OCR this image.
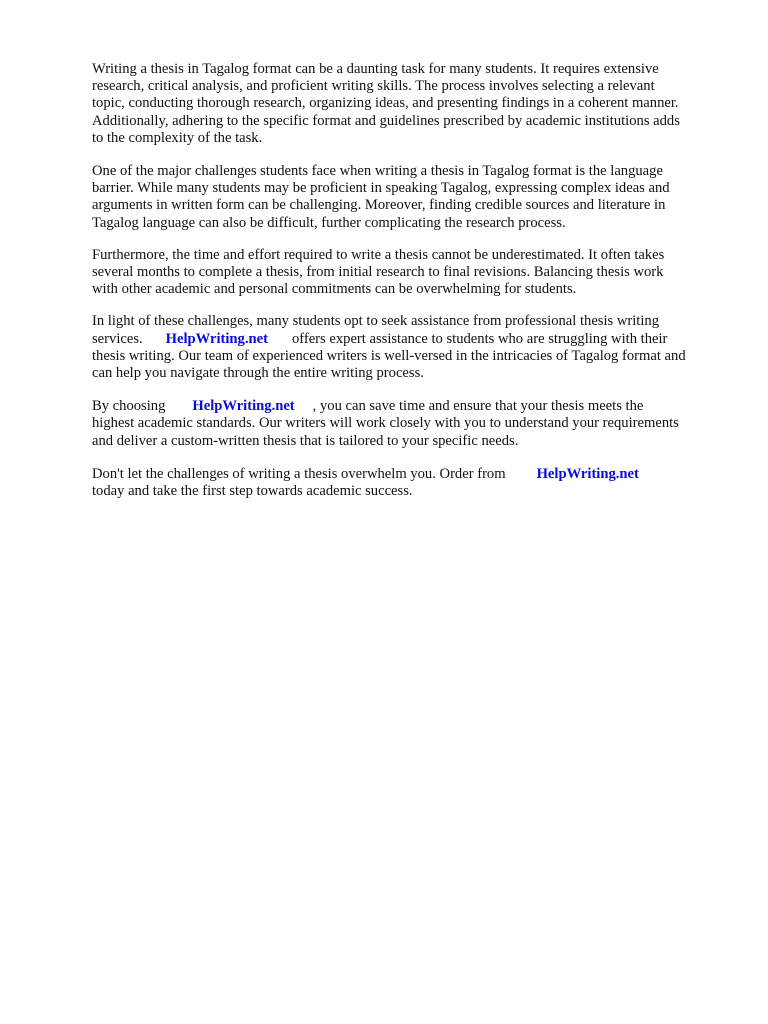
Writing a thesis in Tagalog format can be a daunting task for many students. It requires extensive
research, critical analysis, and proficient writing skills. The process involves selecting a relevant
topic, conducting thorough research, organizing ideas, and presenting findings in a coherent manner.
Additionally, adhering to the specific format and guidelines prescribed by academic institutions adds
to the complexity of the task.
One of the major challenges students face when writing a thesis in Tagalog format is the language
barrier. While many students may be proficient in speaking Tagalog, expressing complex ideas and
arguments in written form can be challenging. Moreover, finding credible sources and literature in
Tagalog language can also be difficult, further complicating the research process.
Furthermore, the time and effort required to write a thesis cannot be underestimated. It often takes
several months to complete a thesis, from initial research to final revisions. Balancing thesis work
with other academic and personal commitments can be overwhelming for students.
In light of these challenges, many students opt to seek assistance from professional thesis writing
services. HelpWriting.net offers expert assistance to students who are struggling with their
thesis writing. Our team of experienced writers is well-versed in the intricacies of Tagalog format and
can help you navigate through the entire writing process.
By choosing HelpWriting.net , you can save time and ensure that your thesis meets the
highest academic standards. Our writers will work closely with you to understand your requirements
and deliver a custom-written thesis that is tailored to your specific needs.
Don't let the challenges of writing a thesis overwhelm you. Order from HelpWriting.net
today and take the first step towards academic success.
